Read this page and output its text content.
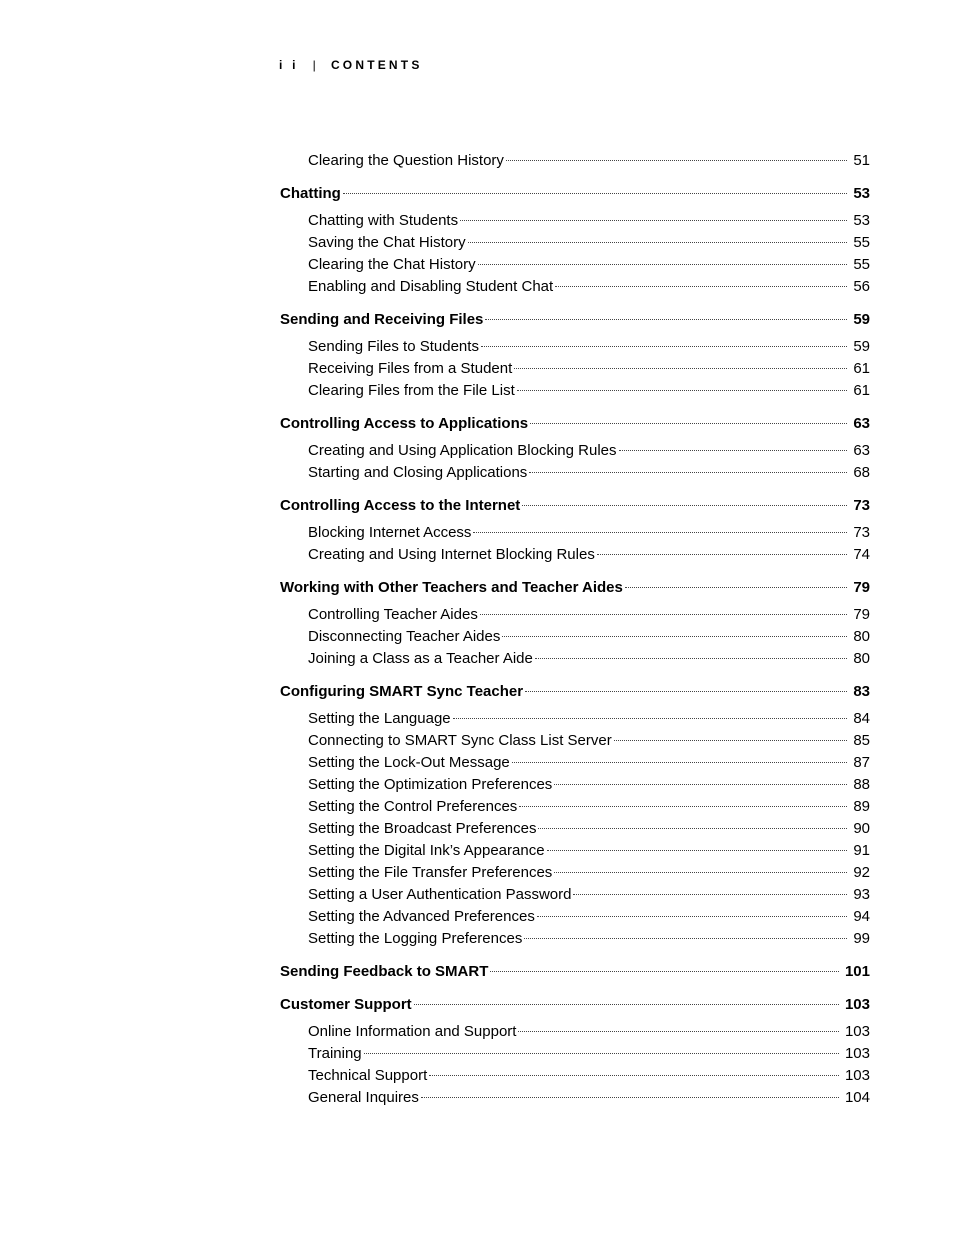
i i | CONTENTS
Clearing the Question History	51
Chatting	53
Chatting with Students	53
Saving the Chat History	55
Clearing the Chat History	55
Enabling and Disabling Student Chat	56
Sending and Receiving Files	59
Sending Files to Students	59
Receiving Files from a Student	61
Clearing Files from the File List	61
Controlling Access to Applications	63
Creating and Using Application Blocking Rules	63
Starting and Closing Applications	68
Controlling Access to the Internet	73
Blocking Internet Access	73
Creating and Using Internet Blocking Rules	74
Working with Other Teachers and Teacher Aides	79
Controlling Teacher Aides	79
Disconnecting Teacher Aides	80
Joining a Class as a Teacher Aide	80
Configuring SMART Sync Teacher	83
Setting the Language	84
Connecting to SMART Sync Class List Server	85
Setting the Lock-Out Message	87
Setting the Optimization Preferences	88
Setting the Control Preferences	89
Setting the Broadcast Preferences	90
Setting the Digital Ink’s Appearance	91
Setting the File Transfer Preferences	92
Setting a User Authentication Password	93
Setting the Advanced Preferences	94
Setting the Logging Preferences	99
Sending Feedback to SMART	101
Customer Support	103
Online Information and Support	103
Training	103
Technical Support	103
General Inquires	104
